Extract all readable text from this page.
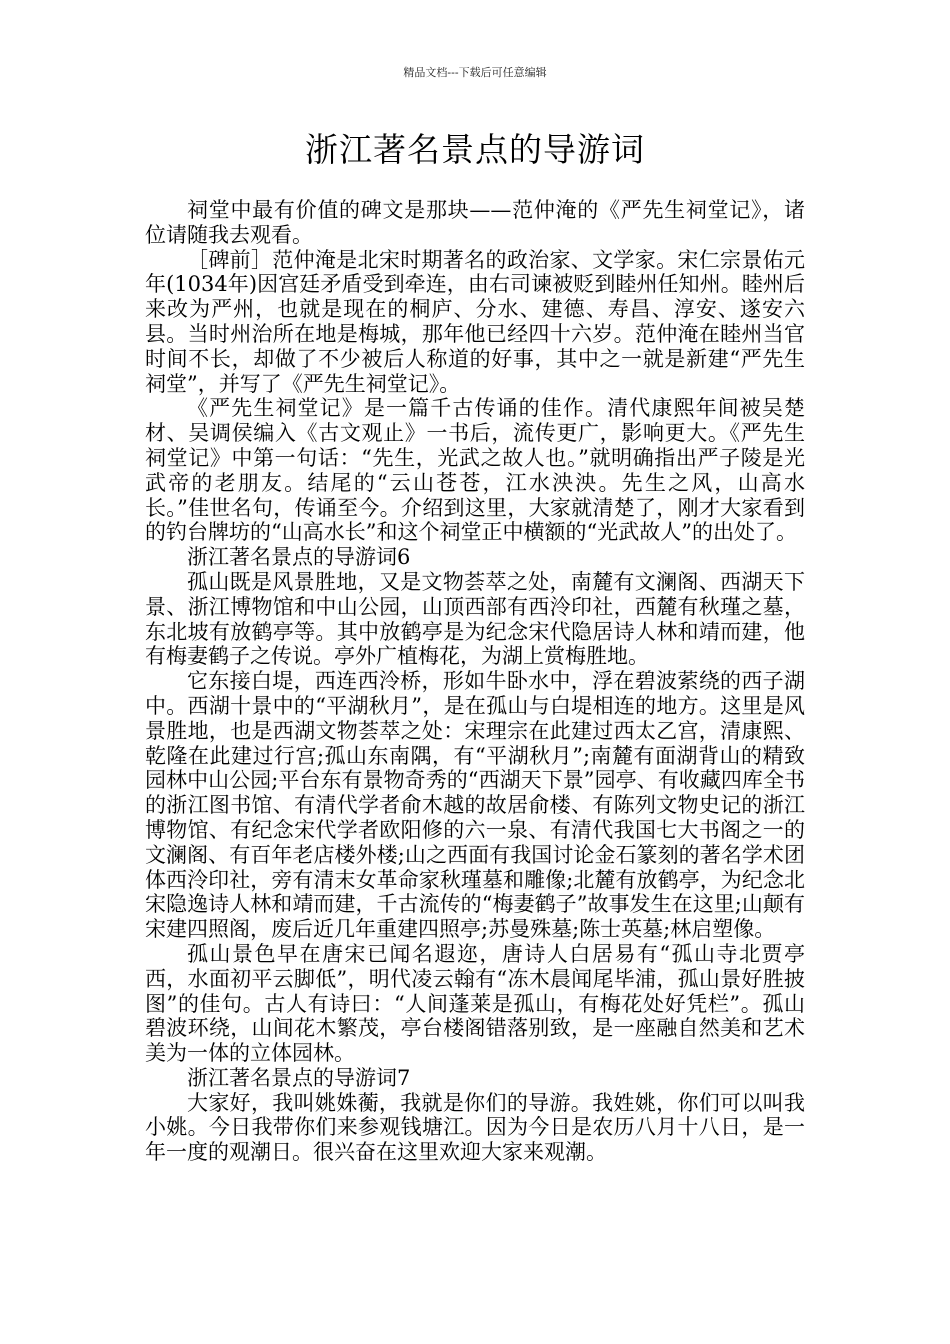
精品文档---下载后可任意编辑
浙江著名景点的导游词

祠堂中最有价值的碑文是那块——范仲淹的《严先生祠堂记》，诸位请随我去观看。

［碑前］范仲淹是北宋时期著名的政治家、文学家。宋仁宗景佑元年(1034年)因宫廷矛盾受到牵连，由右司谏被贬到睦州任知州。睦州后来改为严州，也就是现在的桐庐、分水、建德、寿昌、淳安、遂安六县。当时州治所在地是梅城，那年他已经四十六岁。范仲淹在睦州当官时间不长，却做了不少被后人称道的好事，其中之一就是新建“严先生祠堂”，并写了《严先生祠堂记》。

《严先生祠堂记》是一篇千古传诵的佳作。清代康熙年间被吴楚材、吴调侯编入《古文观止》一书后，流传更广，影响更大。《严先生祠堂记》中第一句话：“先生，光武之故人也。”就明确指出严子陵是光武帝的老朋友。结尾的“云山苍苍，江水泱泱。先生之风，山高水长。”佳世名句，传诵至今。介绍到这里，大家就清楚了，刚才大家看到的钓台牌坊的“山高水长”和这个祠堂正中横额的“光武故人”的出处了。

浙江著名景点的导游词6

孤山既是风景胜地，又是文物荟萃之处，南麓有文澜阁、西湖天下景、浙江博物馆和中山公园，山顶西部有西泠印社，西麓有秋瑾之墓，东北坡有放鹤亭等。其中放鹤亭是为纪念宋代隐居诗人林和靖而建，他有梅妻鹤子之传说。亭外广植梅花，为湖上赏梅胜地。

它东接白堤，西连西泠桥，形如牛卧水中，浮在碧波萦绕的西子湖中。西湖十景中的“平湖秋月”，是在孤山与白堤相连的地方。这里是风景胜地，也是西湖文物荟萃之处：宋理宗在此建过西太乙宫，清康熙、乾隆在此建过行宫;孤山东南隅，有“平湖秋月”;南麓有面湖背山的精致园林中山公园;平台东有景物奇秀的“西湖天下景”园亭、有收藏四库全书的浙江图书馆、有清代学者俞木越的故居俞楼、有陈列文物史记的浙江博物馆、有纪念宋代学者欧阳修的六一泉、有清代我国七大书阁之一的文澜阁、有百年老店楼外楼;山之西面有我国讨论金石篆刻的著名学术团体西泠印社，旁有清末女革命家秋瑾墓和雕像;北麓有放鹤亭，为纪念北宋隐逸诗人林和靖而建，千古流传的“梅妻鹤子”故事发生在这里;山颠有宋建四照阁，废后近几年重建四照亭;苏曼殊墓;陈士英墓;林启塑像。

孤山景色早在唐宋已闻名遐迩，唐诗人白居易有“孤山寺北贾亭西，水面初平云脚低”，明代凌云翰有“冻木晨闻尾毕浦，孤山景好胜披图”的佳句。古人有诗曰：“人间蓬莱是孤山，有梅花处好凭栏”。孤山碧波环绕，山间花木繁茂，亭台楼阁错落别致，是一座融自然美和艺术美为一体的立体园林。

浙江著名景点的导游词7

大家好，我叫姚姝蘅，我就是你们的导游。我姓姚，你们可以叫我小姚。今日我带你们来参观钱塘江。因为今日是农历八月十八日，是一年一度的观潮日。很兴奋在这里欢迎大家来观潮。
